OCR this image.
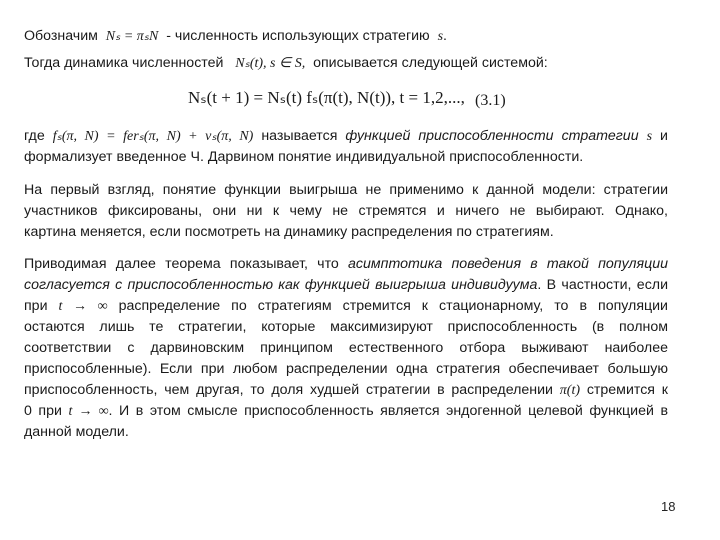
Обозначим Nₛ = πₛN - численность использующих стратегию s.
Тогда динамика численностей Nₛ(t), s ∈ S, описывается следующей системой:
Nₛ(t + 1) = Nₛ(t) fₛ(π(t), N(t)), t = 1,2,..., (3.1)
где fₛ(π, N) = ferₛ(π, N) + vₛ(π, N) называется функцией приспособленности стратегии s и
формализует введенное Ч. Дарвином понятие индивидуальной приспособленности.
На первый взгляд, понятие функции выигрыша не применимо к данной модели: стратегии
участников фиксированы, они ни к чему не стремятся и ничего не выбирают. Однако,
картина меняется, если посмотреть на динамику распределения по стратегиям.
Приводимая далее теорема показывает, что асимптотика поведения в такой популяции
согласуется с приспособленностью как функцией выигрыша индивидуума. В частности, если
при t → ∞ распределение по стратегиям стремится к стационарному, то в популяции
остаются лишь те стратегии, которые максимизируют приспособленность (в полном
соответствии с дарвиновским принципом естественного отбора выживают наиболее
приспособленные). Если при любом распределении одна стратегия обеспечивает большую
приспособленность, чем другая, то доля худшей стратегии в распределении π(t) стремится к
0 при t → ∞. И в этом смысле приспособленность является эндогенной целевой функцией в
данной модели.
18
